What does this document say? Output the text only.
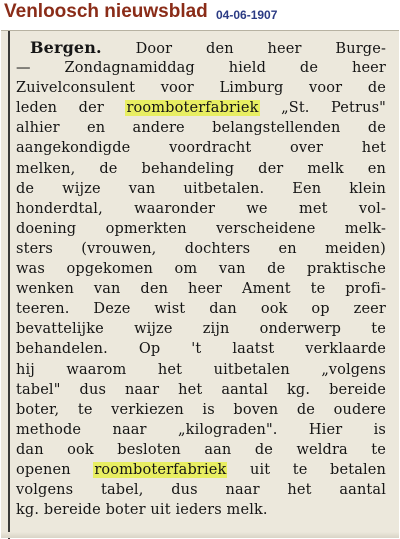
Venloosch nieuwsblad 04-06-1907
Bergen. Door den heer Burge-
— Zondagnamiddag hield de heer
Zuivelconsulent voor Limburg voor de
leden der roomboterfabriek „St. Petrus"
alhier en andere belangstellenden de
aangekondigde voordracht over het
melken, de behandeling der melk en
de wijze van uitbetalen. Een klein
honderdtal, waaronder we met vol-
doening opmerkten verscheidene melk-
sters (vrouwen, dochters en meiden)
was opgekomen om van de praktische
wenken van den heer Ament te profi-
teeren. Deze wist dan ook op zeer
bevattelijke wijze zijn onderwerp te
behandelen. Op 't laatst verklaarde
hij waarom het uitbetalen „volgens
tabel" dus naar het aantal kg. bereide
boter, te verkiezen is boven de oudere
methode naar „kilograden". Hier is
dan ook besloten aan de weldra te
openen roomboterfabriek uit te betalen
volgens tabel, dus naar het aantal
kg. bereide boter uit ieders melk.
